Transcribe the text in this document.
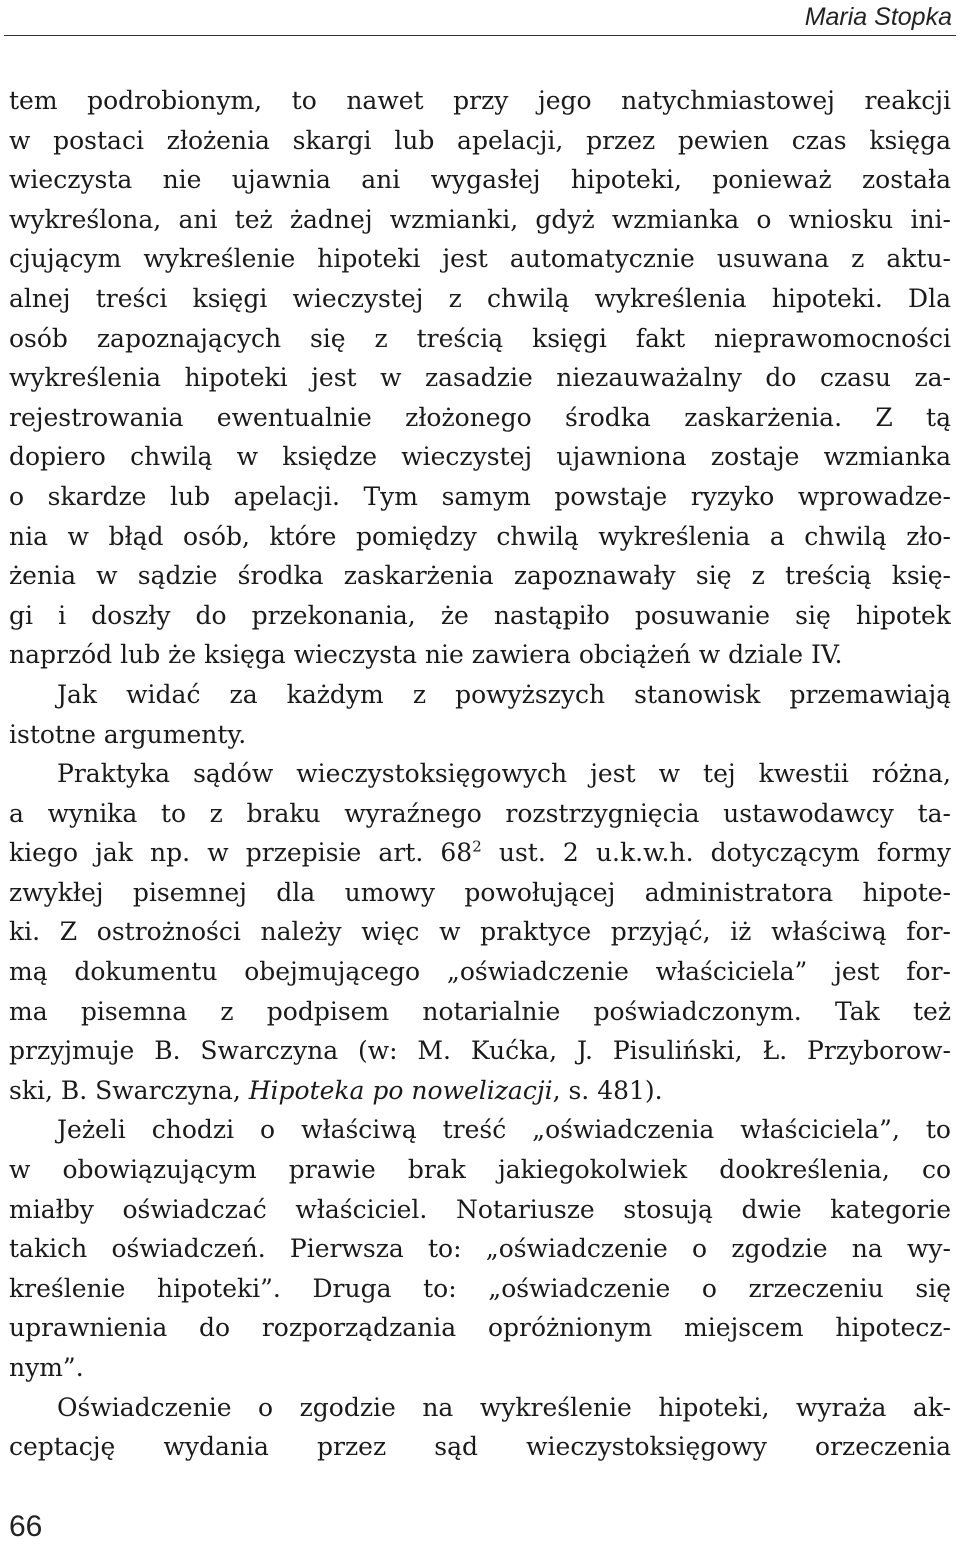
Maria Stopka
tem podrobionym, to nawet przy jego natychmiastowej reakcji
w postaci złożenia skargi lub apelacji, przez pewien czas księga
wieczysta nie ujawnia ani wygasłej hipoteki, ponieważ została
wykreślona, ani też żadnej wzmianki, gdyż wzmianka o wniosku ini-
cjującym wykreślenie hipoteki jest automatycznie usuwana z aktu-
alnej treści księgi wieczystej z chwilą wykreślenia hipoteki. Dla
osób zapoznających się z treścią księgi fakt nieprawomocności
wykreślenia hipoteki jest w zasadzie niezauważalny do czasu za-
rejestrowania ewentualnie złożonego środka zaskarżenia. Z tą
dopiero chwilą w księdze wieczystej ujawniona zostaje wzmianka
o skardze lub apelacji. Tym samym powstaje ryzyko wprowadze-
nia w błąd osób, które pomiędzy chwilą wykreślenia a chwilą zło-
żenia w sądzie środka zaskarżenia zapoznawały się z treścią księ-
gi i doszły do przekonania, że nastąpiło posuwanie się hipotek
naprzód lub że księga wieczysta nie zawiera obciążeń w dziale IV.
Jak widać za każdym z powyższych stanowisk przemawiają
istotne argumenty.
Praktyka sądów wieczystoksięgowych jest w tej kwestii różna,
a wynika to z braku wyraźnego rozstrzygnięcia ustawodawcy ta-
kiego jak np. w przepisie art. $68^2$ ust. 2 u.k.w.h. dotyczącym formy
zwykłej pisemnej dla umowy powołującej administratora hipote-
ki. Z ostrożności należy więc w praktyce przyjąć, iż właściwą for-
mą dokumentu obejmującego „oświadczenie właściciela” jest for-
ma pisemna z podpisem notarialnie poświadczonym. Tak też
przyjmuje B. Swarczyna (w: M. Kućka, J. Pisuliński, Ł. Przyborow-
ski, B. Swarczyna, Hipoteka po nowelizacji, s. 481).
Jeżeli chodzi o właściwą treść „oświadczenia właściciela”, to
w obowiązującym prawie brak jakiegokolwiek dookreślenia, co
miałby oświadczać właściciel. Notariusze stosują dwie kategorie
takich oświadczeń. Pierwsza to: „oświadczenie o zgodzie na wy-
kreślenie hipoteki”. Druga to: „oświadczenie o zrzeczeniu się
uprawnienia do rozporządzania opróżnionym miejscem hipotecz-
nym”.
Oświadczenie o zgodzie na wykreślenie hipoteki, wyraża ak-
ceptację wydania przez sąd wieczystoksięgowy orzeczenia
66
